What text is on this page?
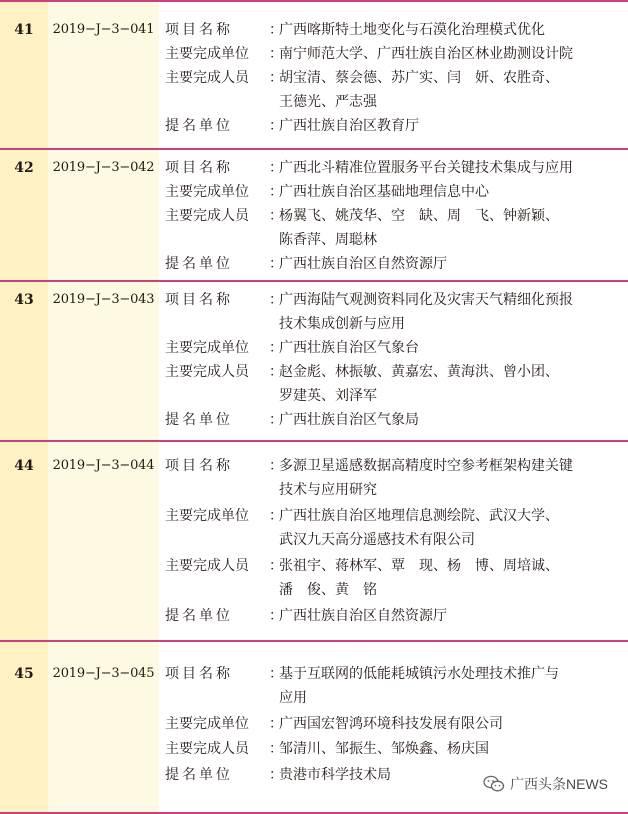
41	2019−J−3−041 项目名称	：
广西喀斯特土地变化与石漠化治理模式优化
主要完成单位	：
南宁师范大学、广西壮族自治区林业勘测设计院
主要完成人员	：
胡宝清、蔡会德、苏广实、闫　妍、农胜奇、
王德光、严志强
提名单位	：
广西壮族自治区教育厅
42	2019−J−3−042 项目名称	：
广西北斗精准位置服务平台关键技术集成与应用
主要完成单位	：
广西壮族自治区基础地理信息中心
主要完成人员	：
杨翼飞、姚茂华、空　缺、周　飞、钟新颖、
陈香萍、周聪林
提名单位	：
广西壮族自治区自然资源厅
43	2019−J−3−043 项目名称	：
广西海陆气观测资料同化及灾害天气精细化预报
技术集成创新与应用
主要完成单位	：
广西壮族自治区气象台
主要完成人员	：
赵金彪、林振敏、黄嘉宏、黄海洪、曾小团、
罗建英、刘泽军
提名单位	：
广西壮族自治区气象局
44	2019−J−3−044 项目名称	：
多源卫星遥感数据高精度时空参考框架构建关键
技术与应用研究
主要完成单位	：
广西壮族自治区地理信息测绘院、武汉大学、
武汉九天高分遥感技术有限公司
主要完成人员	：
张祖宇、蒋林军、覃　现、杨　博、周培诚、
潘　俊、黄　铭
提名单位	：
广西壮族自治区自然资源厅
45	2019−J−3−045 项目名称	：
基于互联网的低能耗城镇污水处理技术推广与
应用
主要完成单位	：
广西国宏智鸿环境科技发展有限公司
主要完成人员	：
邹清川、邹振生、邹焕鑫、杨庆国
提名单位	：
贵港市科学技术局
广西头条NEWS
